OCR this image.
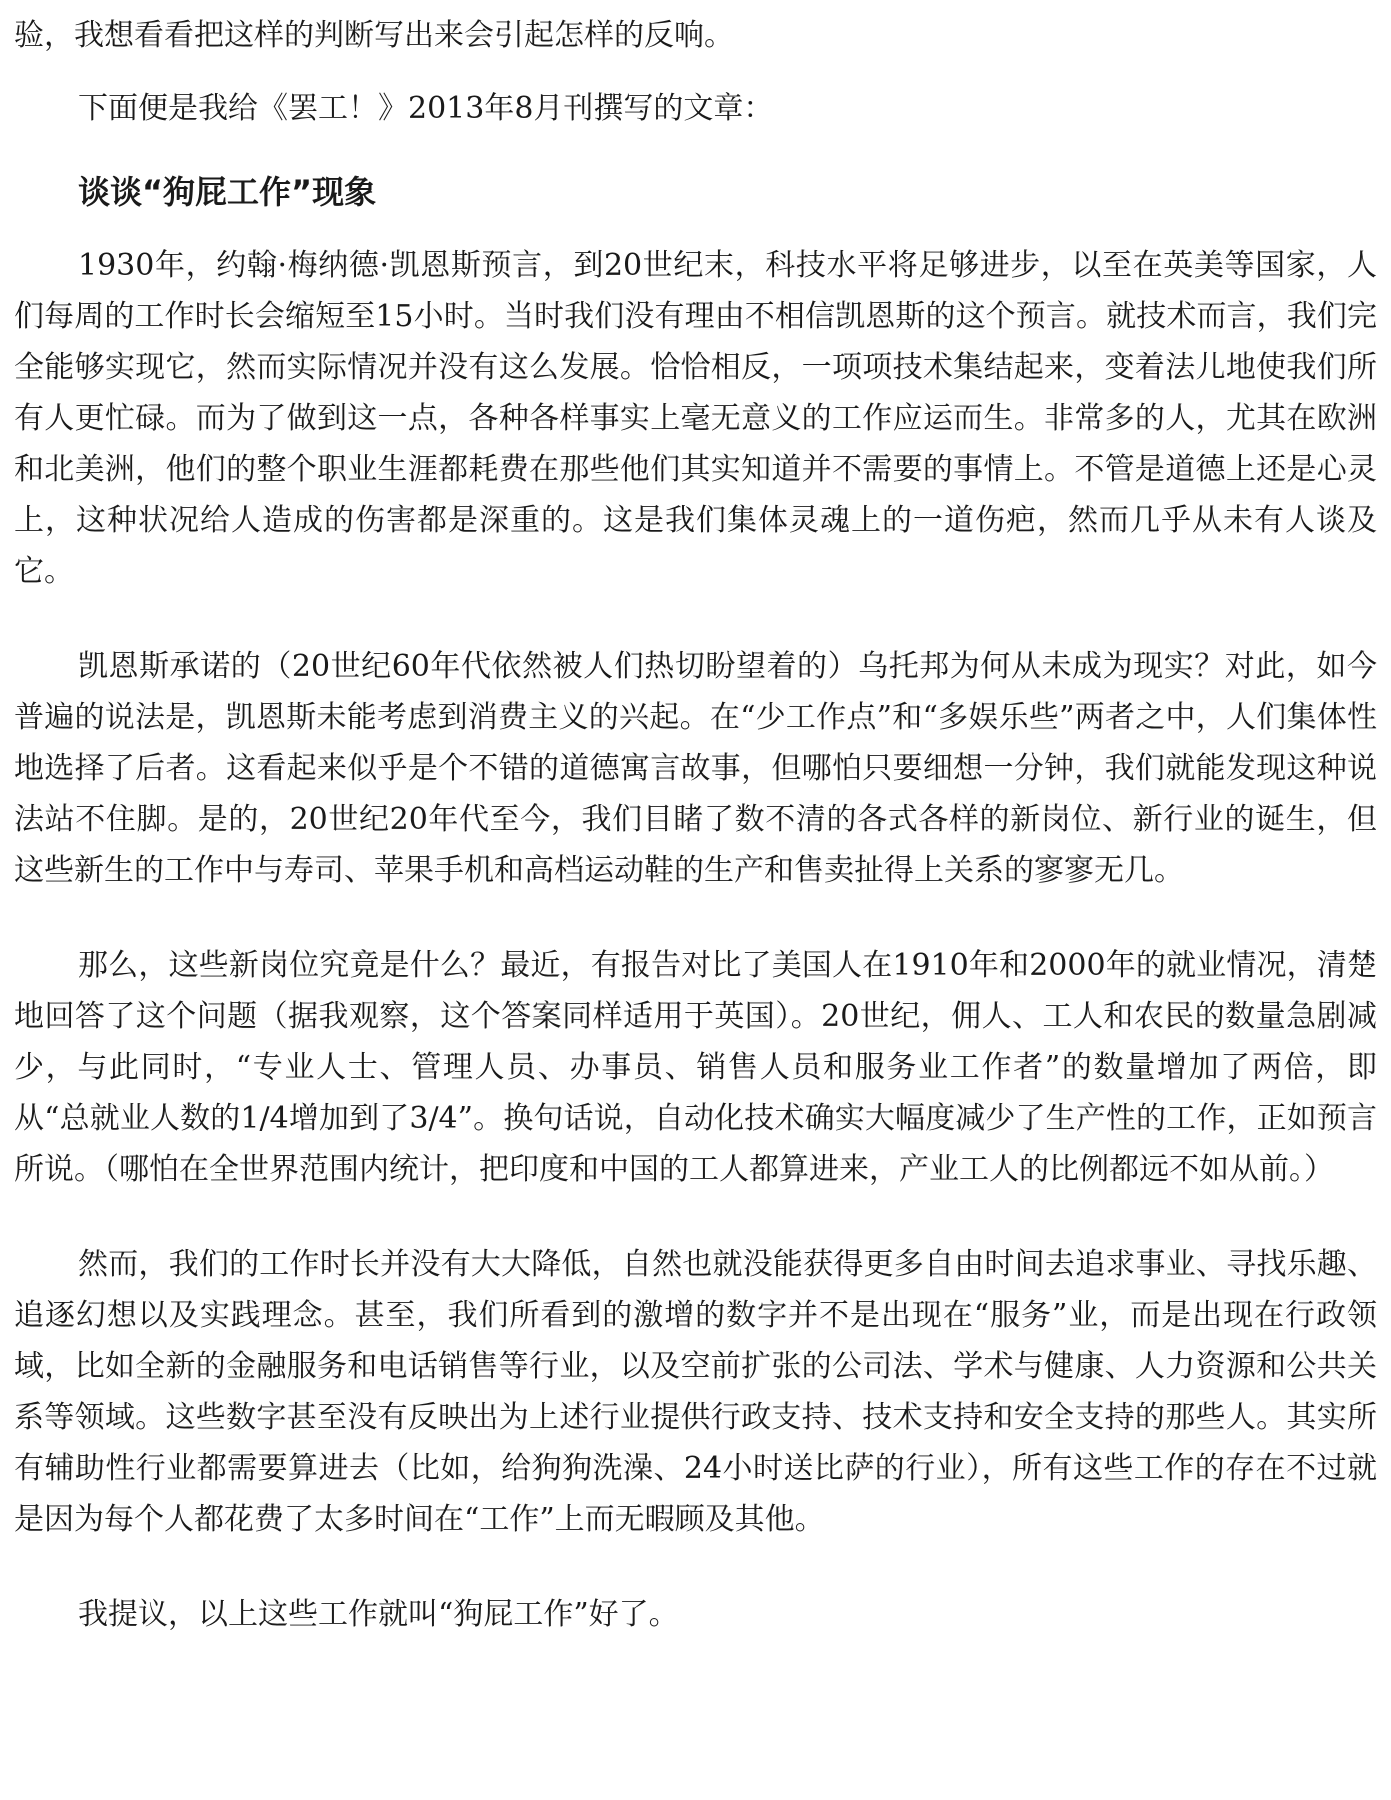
验，我想看看把这样的判断写出来会引起怎样的反响。

下面便是我给《罢工！》2013年8月刊撰写的文章：

谈谈“狗屁工作”现象

1930年，约翰·梅纳德·凯恩斯预言，到20世纪末，科技水平将足够进步，以至在英美等国家，人们每周的工作时长会缩短至15小时。当时我们没有理由不相信凯恩斯的这个预言。就技术而言，我们完全能够实现它，然而实际情况并没有这么发展。恰恰相反，一项项技术集结起来，变着法儿地使我们所有人更忙碌。而为了做到这一点，各种各样事实上毫无意义的工作应运而生。非常多的人，尤其在欧洲和北美洲，他们的整个职业生涯都耗费在那些他们其实知道并不需要的事情上。不管是道德上还是心灵上，这种状况给人造成的伤害都是深重的。这是我们集体灵魂上的一道伤疤，然而几乎从未有人谈及它。

凯恩斯承诺的（20世纪60年代依然被人们热切盼望着的）乌托邦为何从未成为现实？对此，如今普遍的说法是，凯恩斯未能考虑到消费主义的兴起。在“少工作点”和“多娱乐些”两者之中，人们集体性地选择了后者。这看起来似乎是个不错的道德寓言故事，但哪怕只要细想一分钟，我们就能发现这种说法站不住脚。是的，20世纪20年代至今，我们目睹了数不清的各式各样的新岗位、新行业的诞生，但这些新生的工作中与寿司、苹果手机和高档运动鞋的生产和售卖扯得上关系的寥寥无几。

那么，这些新岗位究竟是什么？最近，有报告对比了美国人在1910年和2000年的就业情况，清楚地回答了这个问题（据我观察，这个答案同样适用于英国）。20世纪，佣人、工人和农民的数量急剧减少，与此同时，“专业人士、管理人员、办事员、销售人员和服务业工作者”的数量增加了两倍，即从“总就业人数的1/4增加到了3/4”。换句话说，自动化技术确实大幅度减少了生产性的工作，正如预言所说。（哪怕在全世界范围内统计，把印度和中国的工人都算进来，产业工人的比例都远不如从前。）

然而，我们的工作时长并没有大大降低，自然也就没能获得更多自由时间去追求事业、寻找乐趣、追逐幻想以及实践理念。甚至，我们所看到的激增的数字并不是出现在“服务”业，而是出现在行政领域，比如全新的金融服务和电话销售等行业，以及空前扩张的公司法、学术与健康、人力资源和公共关系等领域。这些数字甚至没有反映出为上述行业提供行政支持、技术支持和安全支持的那些人。其实所有辅助性行业都需要算进去（比如，给狗狗洗澡、24小时送比萨的行业），所有这些工作的存在不过就是因为每个人都花费了太多时间在“工作”上而无暇顾及其他。

我提议，以上这些工作就叫“狗屁工作”好了。
